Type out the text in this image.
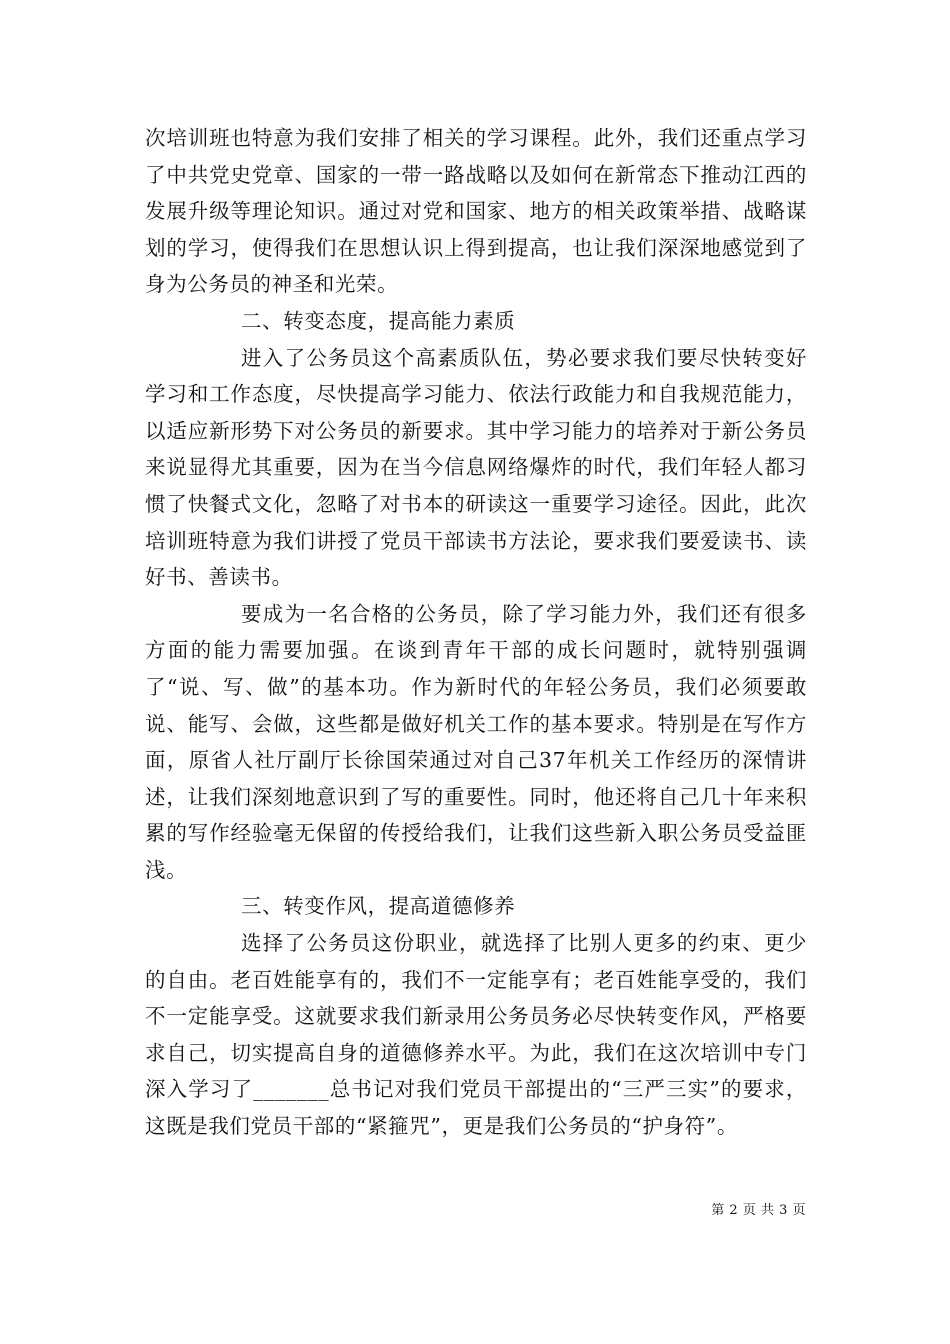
次培训班也特意为我们安排了相关的学习课程。此外，我们还重点学习了中共党史党章、国家的一带一路战略以及如何在新常态下推动江西的发展升级等理论知识。通过对党和国家、地方的相关政策举措、战略谋划的学习，使得我们在思想认识上得到提高，也让我们深深地感觉到了身为公务员的神圣和光荣。

二、转变态度，提高能力素质

进入了公务员这个高素质队伍，势必要求我们要尽快转变好学习和工作态度，尽快提高学习能力、依法行政能力和自我规范能力，以适应新形势下对公务员的新要求。其中学习能力的培养对于新公务员来说显得尤其重要，因为在当今信息网络爆炸的时代，我们年轻人都习惯了快餐式文化，忽略了对书本的研读这一重要学习途径。因此，此次培训班特意为我们讲授了党员干部读书方法论，要求我们要爱读书、读好书、善读书。

要成为一名合格的公务员，除了学习能力外，我们还有很多方面的能力需要加强。在谈到青年干部的成长问题时，就特别强调了“说、写、做”的基本功。作为新时代的年轻公务员，我们必须要敢说、能写、会做，这些都是做好机关工作的基本要求。特别是在写作方面，原省人社厅副厅长徐国荣通过对自己37年机关工作经历的深情讲述，让我们深刻地意识到了写的重要性。同时，他还将自己几十年来积累的写作经验毫无保留的传授给我们，让我们这些新入职公务员受益匪浅。

三、转变作风，提高道德修养

选择了公务员这份职业，就选择了比别人更多的约束、更少的自由。老百姓能享有的，我们不一定能享有；老百姓能享受的，我们不一定能享受。这就要求我们新录用公务员务必尽快转变作风，严格要求自己，切实提高自身的道德修养水平。为此，我们在这次培训中专门深入学习了_______总书记对我们党员干部提出的“三严三实”的要求，这既是我们党员干部的“紧箍咒”，更是我们公务员的“护身符”。

第 2 页 共 3 页
